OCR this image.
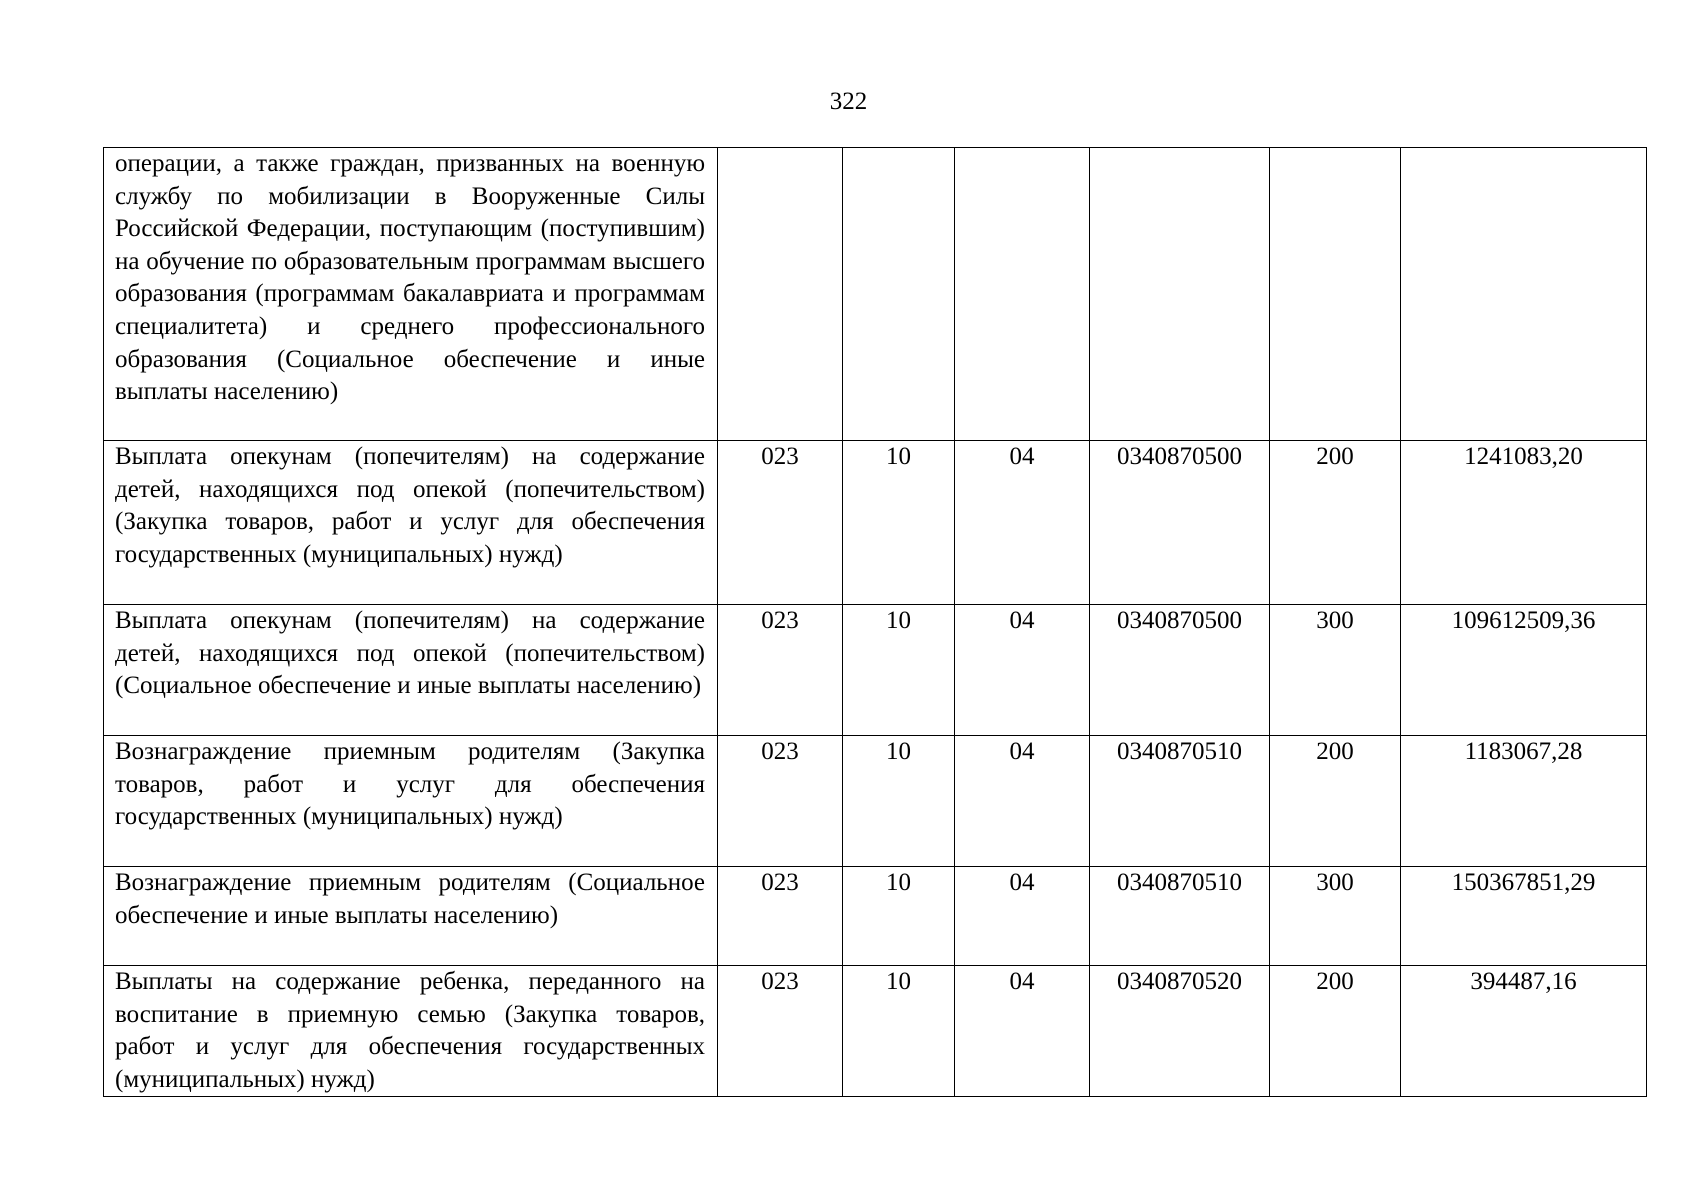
322
операции, а также граждан, призванных на военную службу по мобилизации в Вооруженные Силы Российской Федерации, поступающим (поступившим) на обучение по образовательным программам высшего образования (программам бакалавриата и программам специалитета) и среднего профессионального образования (Социальное обеспечение и иные выплаты населению)						
Выплата опекунам (попечителям) на содержание детей, находящихся под опекой (попечительством) (Закупка товаров, работ и услуг для обеспечения государственных (муниципальных) нужд)	023	10	04	0340870500	200	1241083,20
Выплата опекунам (попечителям) на содержание детей, находящихся под опекой (попечительством) (Социальное обеспечение и иные выплаты населению)	023	10	04	0340870500	300	109612509,36
Вознаграждение приемным родителям (Закупка товаров, работ и услуг для обеспечения государственных (муниципальных) нужд)	023	10	04	0340870510	200	1183067,28
Вознаграждение приемным родителям (Социальное обеспечение и иные выплаты населению)	023	10	04	0340870510	300	150367851,29
Выплаты на содержание ребенка, переданного на воспитание в приемную семью (Закупка товаров, работ и услуг для обеспечения государственных (муниципальных) нужд)	023	10	04	0340870520	200	394487,16
